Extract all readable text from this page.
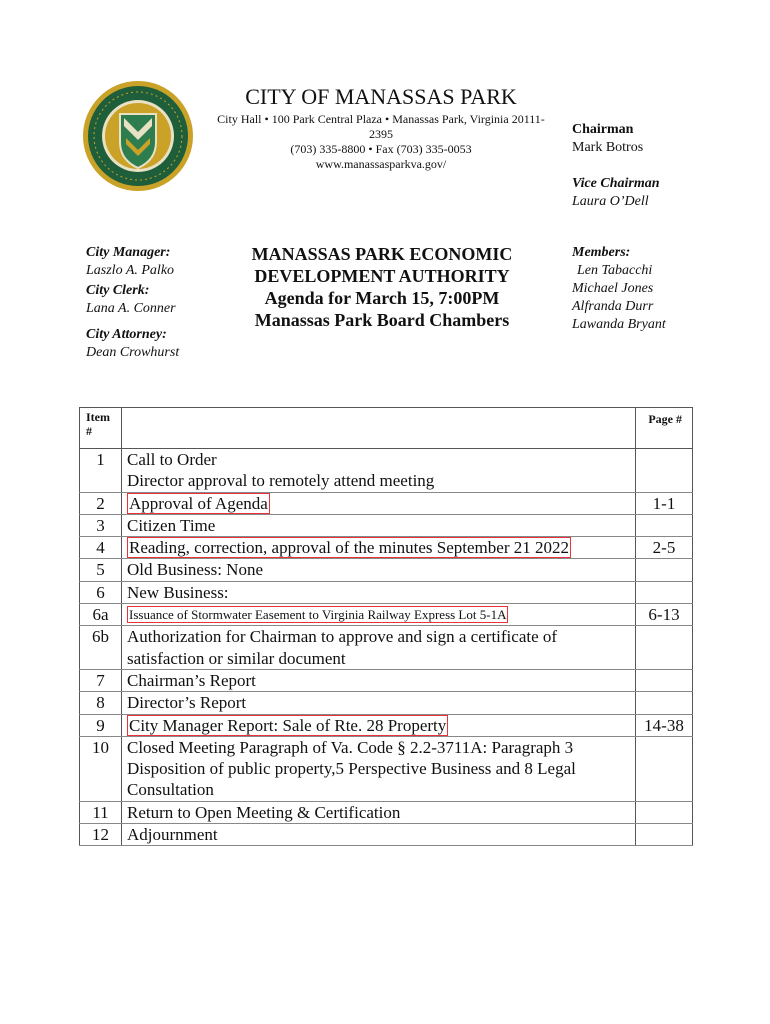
CITY OF MANASSAS PARK
City Hall • 100 Park Central Plaza • Manassas Park, Virginia 20111-
2395
(703) 335-8800 • Fax (703) 335-0053
www.manassasparkva.gov/
Chairman
Mark Botros
Vice Chairman
Laura O’Dell
Members:
Len Tabacchi
Michael Jones
Alfranda Durr
Lawanda Bryant
City Manager:
Laszlo A. Palko
City Clerk:
Lana A. Conner
City Attorney:
Dean Crowhurst
MANASSAS PARK ECONOMIC
DEVELOPMENT AUTHORITY
Agenda for March 15, 7:00PM
Manassas Park Board Chambers
Item
#		Page #
1	Call to Order
Director approval to remotely attend meeting	

2	Approval of Agenda	1-1
3	Citizen Time	

4	Reading, correction, approval of the minutes September 21 2022	2-5
5	Old Business: None	

6	New Business:	

6a	Issuance of Stormwater Easement to Virginia Railway Express Lot 5-1A	6-13
6b	Authorization for Chairman to approve and sign a certificate of
satisfaction or similar document	

7	Chairman’s Report	

8	Director’s Report	

9	City Manager Report: Sale of Rte. 28 Property	14-38
10	Closed Meeting Paragraph of Va. Code § 2.2-3711A: Paragraph 3
Disposition of public property,5 Perspective Business and 8 Legal
Consultation	

11	Return to Open Meeting & Certification	

12	Adjournment	
